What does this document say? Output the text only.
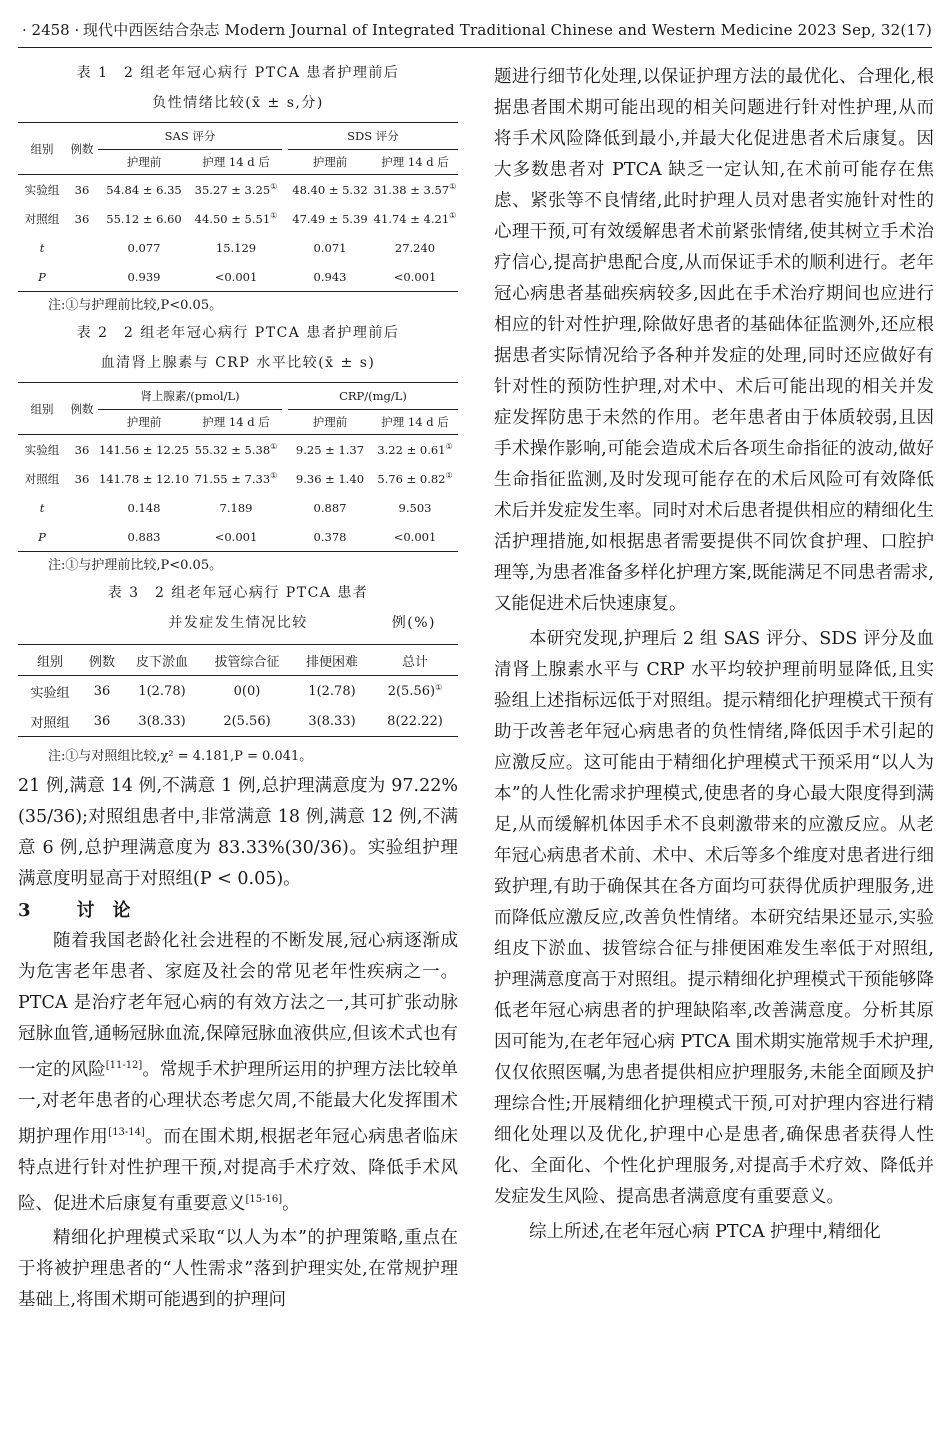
· 2458 · 现代中西医结合杂志 Modern Journal of Integrated Traditional Chinese and Western Medicine 2023 Sep, 32(17)
表 1　2 组老年冠心病行 PTCA 患者护理前后
负性情绪比较(x̄ ± s,分)
组别	例数	SAS 评分			SDS 评分	
		护理前	护理 14 d 后		护理前	护理 14 d 后
实验组	36	54.84 ± 6.35	35.27 ± 3.25①		48.40 ± 5.32	31.38 ± 3.57①
对照组	36	55.12 ± 6.60	44.50 ± 5.51①		47.49 ± 5.39	41.74 ± 4.21①
t		0.077	15.129		0.071	27.240
P		0.939	<0.001		0.943	<0.001
注:①与护理前比较,P<0.05。
表 2　2 组老年冠心病行 PTCA 患者护理前后
血清肾上腺素与 CRP 水平比较(x̄ ± s)
组别	例数	肾上腺素/(pmol/L)			CRP/(mg/L)	
		护理前	护理 14 d 后		护理前	护理 14 d 后
实验组	36	141.56 ± 12.25	55.32 ± 5.38①		9.25 ± 1.37	3.22 ± 0.61①
对照组	36	141.78 ± 12.10	71.55 ± 7.33①		9.36 ± 1.40	5.76 ± 0.82①
t		0.148	7.189		0.887	9.503
P		0.883	<0.001		0.378	<0.001
注:①与护理前比较,P<0.05。
表 3　2 组老年冠心病行 PTCA 患者
并发症发生情况比较	例(%)
组别	例数	皮下淤血	拔管综合征	排便困难	总计
实验组	36	1(2.78)	0(0)	1(2.78)	2(5.56)①
对照组	36	3(8.33)	2(5.56)	3(8.33)	8(22.22)
注:①与对照组比较,χ² = 4.181,P = 0.041。

21 例,满意 14 例,不满意 1 例,总护理满意度为 97.22%(35/36);对照组患者中,非常满意 18 例,满意 12 例,不满意 6 例,总护理满意度为 83.33%(30/36)。实验组护理满意度明显高于对照组(P < 0.05)。

3	讨　论

随着我国老龄化社会进程的不断发展,冠心病逐渐成为危害老年患者、家庭及社会的常见老年性疾病之一。PTCA 是治疗老年冠心病的有效方法之一,其可扩张动脉冠脉血管,通畅冠脉血流,保障冠脉血液供应,但该术式也有一定的风险[11-12]。常规手术护理所运用的护理方法比较单一,对老年患者的心理状态考虑欠周,不能最大化发挥围术期护理作用[13-14]。而在围术期,根据老年冠心病患者临床特点进行针对性护理干预,对提高手术疗效、降低手术风险、促进术后康复有重要意义[15-16]。

精细化护理模式采取“以人为本”的护理策略,重点在于将被护理患者的“人性需求”落到护理实处,在常规护理基础上,将围术期可能遇到的护理问

题进行细节化处理,以保证护理方法的最优化、合理化,根据患者围术期可能出现的相关问题进行针对性护理,从而将手术风险降低到最小,并最大化促进患者术后康复。因大多数患者对 PTCA 缺乏一定认知,在术前可能存在焦虑、紧张等不良情绪,此时护理人员对患者实施针对性的心理干预,可有效缓解患者术前紧张情绪,使其树立手术治疗信心,提高护患配合度,从而保证手术的顺利进行。老年冠心病患者基础疾病较多,因此在手术治疗期间也应进行相应的针对性护理,除做好患者的基础体征监测外,还应根据患者实际情况给予各种并发症的处理,同时还应做好有针对性的预防性护理,对术中、术后可能出现的相关并发症发挥防患于未然的作用。老年患者由于体质较弱,且因手术操作影响,可能会造成术后各项生命指征的波动,做好生命指征监测,及时发现可能存在的术后风险可有效降低术后并发症发生率。同时对术后患者提供相应的精细化生活护理措施,如根据患者需要提供不同饮食护理、口腔护理等,为患者准备多样化护理方案,既能满足不同患者需求,又能促进术后快速康复。

本研究发现,护理后 2 组 SAS 评分、SDS 评分及血清肾上腺素水平与 CRP 水平均较护理前明显降低,且实验组上述指标远低于对照组。提示精细化护理模式干预有助于改善老年冠心病患者的负性情绪,降低因手术引起的应激反应。这可能由于精细化护理模式干预采用“以人为本”的人性化需求护理模式,使患者的身心最大限度得到满足,从而缓解机体因手术不良刺激带来的应激反应。从老年冠心病患者术前、术中、术后等多个维度对患者进行细致护理,有助于确保其在各方面均可获得优质护理服务,进而降低应激反应,改善负性情绪。本研究结果还显示,实验组皮下淤血、拔管综合征与排便困难发生率低于对照组,护理满意度高于对照组。提示精细化护理模式干预能够降低老年冠心病患者的护理缺陷率,改善满意度。分析其原因可能为,在老年冠心病 PTCA 围术期实施常规手术护理,仅仅依照医嘱,为患者提供相应护理服务,未能全面顾及护理综合性;开展精细化护理模式干预,可对护理内容进行精细化处理以及优化,护理中心是患者,确保患者获得人性化、全面化、个性化护理服务,对提高手术疗效、降低并发症发生风险、提高患者满意度有重要意义。

综上所述,在老年冠心病 PTCA 护理中,精细化
